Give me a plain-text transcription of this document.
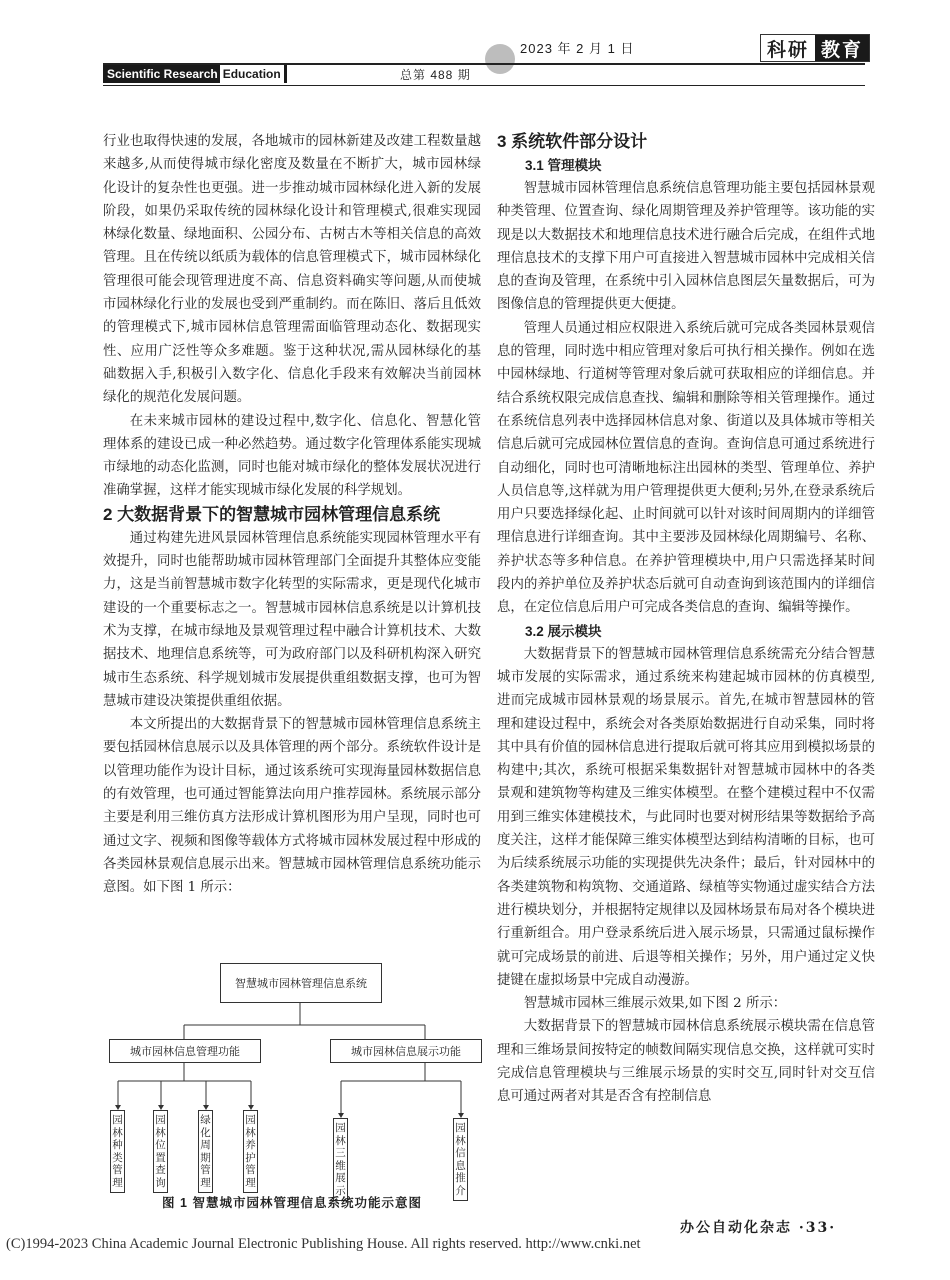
2023 年 2 月 1 日	科研 教育
Scientific Research Education	总第 488 期

行业也取得快速的发展，各地城市的园林新建及改建工程数量越来越多,从而使得城市绿化密度及数量在不断扩大，城市园林绿化设计的复杂性也更强。进一步推动城市园林绿化进入新的发展阶段，如果仍采取传统的园林绿化设计和管理模式,很难实现园林绿化数量、绿地面积、公园分布、古树古木等相关信息的高效管理。且在传统以纸质为载体的信息管理模式下，城市园林绿化管理很可能会现管理进度不高、信息资料确实等问题,从而使城市园林绿化行业的发展也受到严重制约。而在陈旧、落后且低效的管理模式下,城市园林信息管理需面临管理动态化、数据现实性、应用广泛性等众多难题。鉴于这种状况,需从园林绿化的基础数据入手,积极引入数字化、信息化手段来有效解决当前园林绿化的规范化发展问题。

在未来城市园林的建设过程中,数字化、信息化、智慧化管理体系的建设已成一种必然趋势。通过数字化管理体系能实现城市绿地的动态化监测，同时也能对城市绿化的整体发展状况进行准确掌握，这样才能实现城市绿化发展的科学规划。

2 大数据背景下的智慧城市园林管理信息系统

通过构建先进风景园林管理信息系统能实现园林管理水平有效提升，同时也能帮助城市园林管理部门全面提升其整体应变能力，这是当前智慧城市数字化转型的实际需求，更是现代化城市建设的一个重要标志之一。智慧城市园林信息系统是以计算机技术为支撑，在城市绿地及景观管理过程中融合计算机技术、大数据技术、地理信息系统等，可为政府部门以及科研机构深入研究城市生态系统、科学规划城市发展提供重组数据支撑，也可为智慧城市建设决策提供重组依据。

本文所提出的大数据背景下的智慧城市园林管理信息系统主要包括园林信息展示以及具体管理的两个部分。系统软件设计是以管理功能作为设计目标，通过该系统可实现海量园林数据信息的有效管理，也可通过智能算法向用户推荐园林。系统展示部分主要是利用三维仿真方法形成计算机图形为用户呈现，同时也可通过文字、视频和图像等载体方式将城市园林发展过程中形成的各类园林景观信息展示出来。智慧城市园林管理信息系统功能示意图。如下图 1 所示：

智慧城市园林管理信息系统
城市园林信息管理功能	城市园林信息展示功能
园林种类管理
园林位置查询
绿化周期管理
园林养护管理
园林三维展示
园林信息推介
图 1 智慧城市园林管理信息系统功能示意图
3 系统软件部分设计
3.1 管理模块

智慧城市园林管理信息系统信息管理功能主要包括园林景观种类管理、位置查询、绿化周期管理及养护管理等。该功能的实现是以大数据技术和地理信息技术进行融合后完成，在组件式地理信息技术的支撑下用户可直接进入智慧城市园林中完成相关信息的查询及管理，在系统中引入园林信息图层矢量数据后，可为图像信息的管理提供更大便捷。

管理人员通过相应权限进入系统后就可完成各类园林景观信息的管理，同时选中相应管理对象后可执行相关操作。例如在选中园林绿地、行道树等管理对象后就可获取相应的详细信息。并结合系统权限完成信息查找、编辑和删除等相关管理操作。通过在系统信息列表中选择园林信息对象、街道以及具体城市等相关信息后就可完成园林位置信息的查询。查询信息可通过系统进行自动细化，同时也可清晰地标注出园林的类型、管理单位、养护人员信息等,这样就为用户管理提供更大便利;另外,在登录系统后用户只要选择绿化起、止时间就可以针对该时间周期内的详细管理信息进行详细查询。其中主要涉及园林绿化周期编号、名称、养护状态等多种信息。在养护管理模块中,用户只需选择某时间段内的养护单位及养护状态后就可自动查询到该范围内的详细信息，在定位信息后用户可完成各类信息的查询、编辑等操作。

3.2 展示模块

大数据背景下的智慧城市园林管理信息系统需充分结合智慧城市发展的实际需求，通过系统来构建起城市园林的仿真模型,进而完成城市园林景观的场景展示。首先,在城市智慧园林的管理和建设过程中，系统会对各类原始数据进行自动采集，同时将其中具有价值的园林信息进行提取后就可将其应用到模拟场景的构建中;其次，系统可根据采集数据针对智慧城市园林中的各类景观和建筑物等构建及三维实体模型。在整个建模过程中不仅需用到三维实体建模技术，与此同时也要对树形结果等数据给予高度关注，这样才能保障三维实体模型达到结构清晰的目标，也可为后续系统展示功能的实现提供先决条件；最后，针对园林中的各类建筑物和构筑物、交通道路、绿植等实物通过虚实结合方法进行模块划分，并根据特定规律以及园林场景布局对各个模块进行重新组合。用户登录系统后进入展示场景，只需通过鼠标操作就可完成场景的前进、后退等相关操作；另外，用户通过定义快捷键在虚拟场景中完成自动漫游。

智慧城市园林三维展示效果,如下图 2 所示：

大数据背景下的智慧城市园林信息系统展示模块需在信息管理和三维场景间按特定的帧数间隔实现信息交换，这样就可实时完成信息管理模块与三维展示场景的实时交互,同时针对交互信息可通过两者对其是否含有控制信息

办公自动化杂志 ·33·
(C)1994-2023 China Academic Journal Electronic Publishing House. All rights reserved. http://www.cnki.net
